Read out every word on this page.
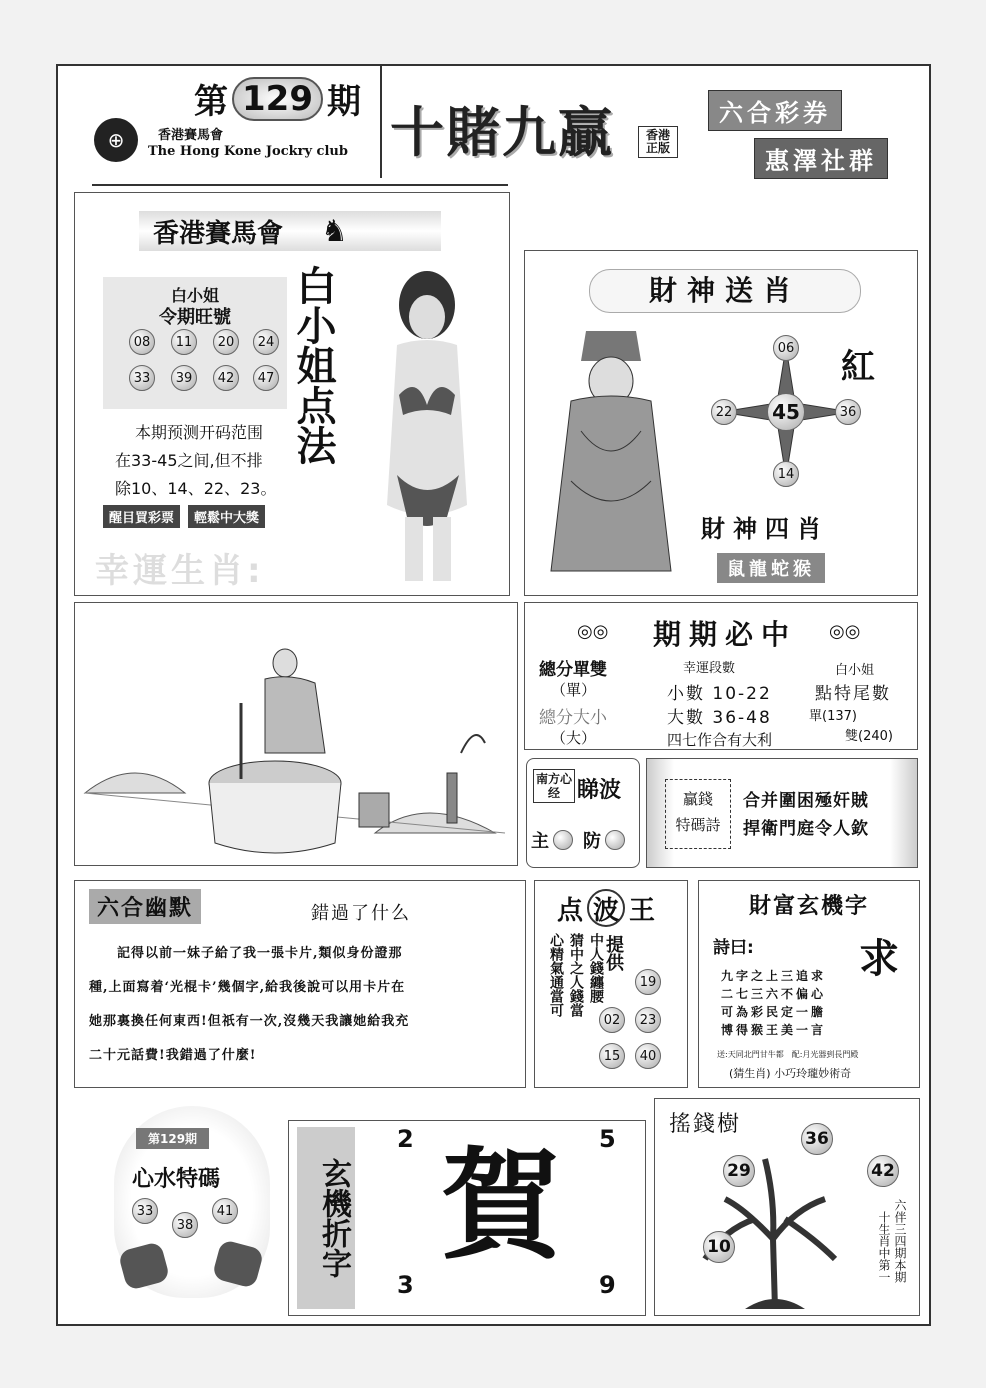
第 129 期
⊕	香港賽馬會
The Hong Kone Jockry club 十賭九贏	香港正版
六合彩券
惠澤社群
香港賽馬會 ♞
白小姐
令期旺號
08	11	20	24
33	39	42	47
本期预测开码范围
在33-45之间,但不排
除10、14、22、23。
醒目買彩票	輕鬆中大獎
幸運生肖:
白小姐点法	財神送肖
06
22 45	36
14
紅
財神四肖
鼠龍蛇猴
◎◎ 期期必中 ◎◎
總分單雙	幸運段數	白小姐
（單）	小數 10-22	點特尾數
總分大小	大數 36-48	單(137)
（大）	四七作合有大利	雙(240)
南方心经 睇波
主 防
贏錢
特碼詩
合并圍困殛奸賊
捍衛門庭令人欽
六合幽默	錯過了什么
記得以前一妹子給了我一張卡片,類似身份證那
種,上面寫着‘光棍卡’幾個字,給我後說可以用卡片在
她那裏換任何東西!但祇有一次,沒幾天我讓她給我充
二十元話費!我錯過了什麼!
点 波 王
心精氣通當可 猜中之人錢當 中人錢纏腰 提供
19
02	23
15	40
財富玄機字
詩曰:	求
九字之上三追求
二七三六不偏心
可為彩民定一膽
博得猴王美一言
送:天同北門甘牛都　配:月光器到長門殿
(猜生肖) 小巧玲瓏妙術奇
第129期
心水特碼
33
38
41	玄機折字
2	5
賀
3	9
搖錢樹
36
29	42
10	六伴三四期本期
十生肖中第一
